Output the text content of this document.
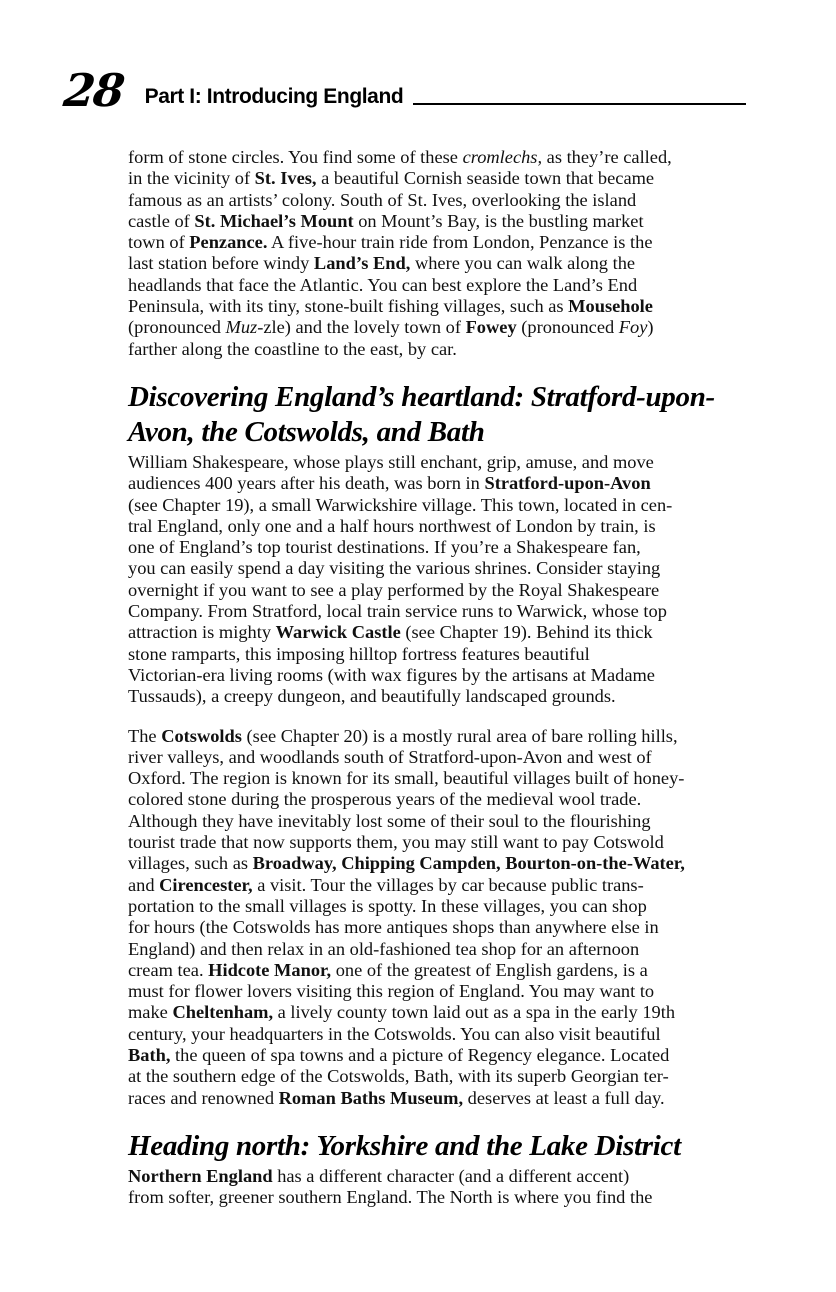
28 Part I: Introducing England
form of stone circles. You find some of these cromlechs, as they’re called,
in the vicinity of St. Ives, a beautiful Cornish seaside town that became
famous as an artists’ colony. South of St. Ives, overlooking the island
castle of St. Michael’s Mount on Mount’s Bay, is the bustling market
town of Penzance. A five-hour train ride from London, Penzance is the
last station before windy Land’s End, where you can walk along the
headlands that face the Atlantic. You can best explore the Land’s End
Peninsula, with its tiny, stone-built fishing villages, such as Mousehole
(pronounced Muz-zle) and the lovely town of Fowey (pronounced Foy)
farther along the coastline to the east, by car.
Discovering England’s heartland: Stratford-upon-
Avon, the Cotswolds, and Bath
William Shakespeare, whose plays still enchant, grip, amuse, and move
audiences 400 years after his death, was born in Stratford-upon-Avon
(see Chapter 19), a small Warwickshire village. This town, located in cen-
tral England, only one and a half hours northwest of London by train, is
one of England’s top tourist destinations. If you’re a Shakespeare fan,
you can easily spend a day visiting the various shrines. Consider staying
overnight if you want to see a play performed by the Royal Shakespeare
Company. From Stratford, local train service runs to Warwick, whose top
attraction is mighty Warwick Castle (see Chapter 19). Behind its thick
stone ramparts, this imposing hilltop fortress features beautiful
Victorian-era living rooms (with wax figures by the artisans at Madame
Tussauds), a creepy dungeon, and beautifully landscaped grounds.
The Cotswolds (see Chapter 20) is a mostly rural area of bare rolling hills,
river valleys, and woodlands south of Stratford-upon-Avon and west of
Oxford. The region is known for its small, beautiful villages built of honey-
colored stone during the prosperous years of the medieval wool trade.
Although they have inevitably lost some of their soul to the flourishing
tourist trade that now supports them, you may still want to pay Cotswold
villages, such as Broadway, Chipping Campden, Bourton-on-the-Water,
and Cirencester, a visit. Tour the villages by car because public trans-
portation to the small villages is spotty. In these villages, you can shop
for hours (the Cotswolds has more antiques shops than anywhere else in
England) and then relax in an old-fashioned tea shop for an afternoon
cream tea. Hidcote Manor, one of the greatest of English gardens, is a
must for flower lovers visiting this region of England. You may want to
make Cheltenham, a lively county town laid out as a spa in the early 19th
century, your headquarters in the Cotswolds. You can also visit beautiful
Bath, the queen of spa towns and a picture of Regency elegance. Located
at the southern edge of the Cotswolds, Bath, with its superb Georgian ter-
races and renowned Roman Baths Museum, deserves at least a full day.
Heading north: Yorkshire and the Lake District
Northern England has a different character (and a different accent)
from softer, greener southern England. The North is where you find the
